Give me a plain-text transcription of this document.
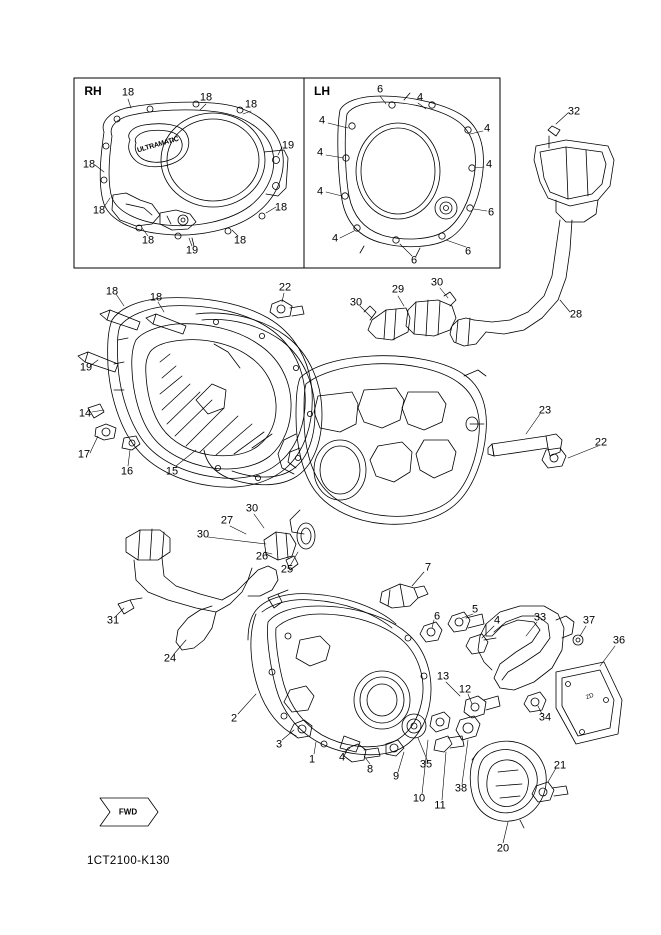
RH	LH
ULTRAMATIC
ZD
FWD
1CT2100-K130
18	18
18
19
18
18	18
18
19
18
6
4
4
4
4
4
4
6
4
6
6
32
28
18	18
22	29
30
30
19
14
17
16	15
23
22
30
27
30
26
25	7
6
5
4	33	37
36
31
24
13
12
34
2
3
1
8
4
9
10
11
35
38
21
20
